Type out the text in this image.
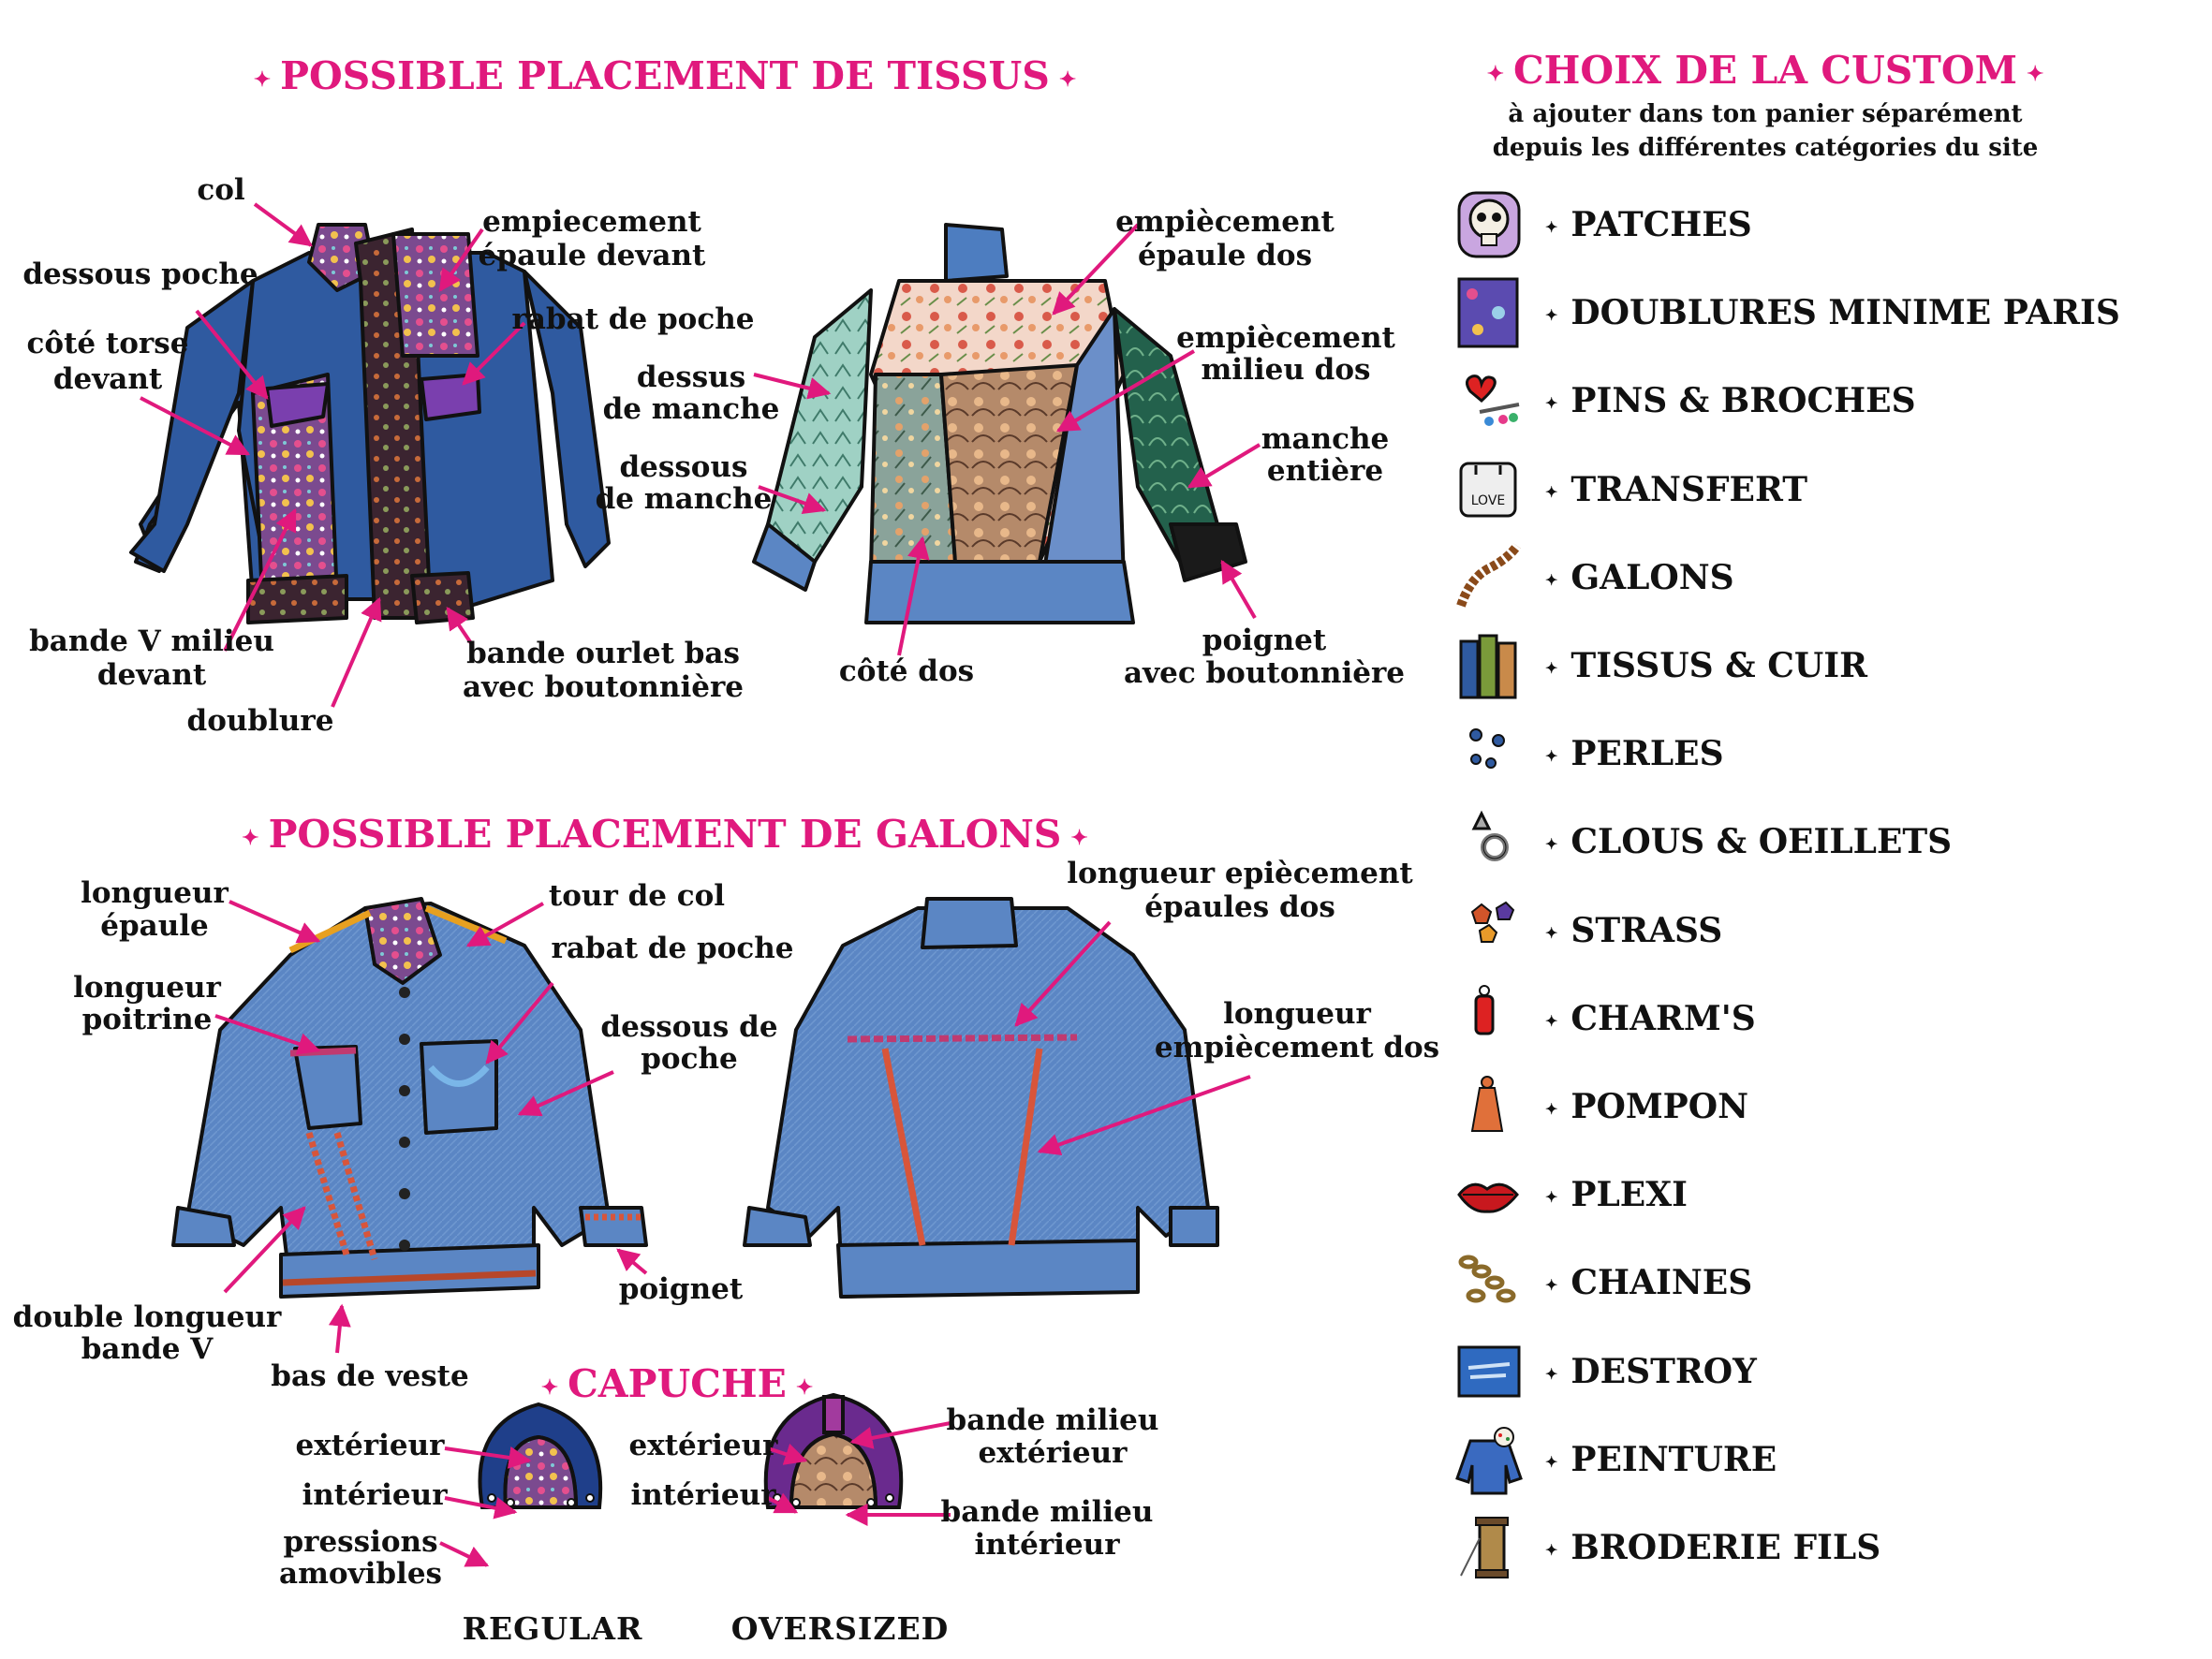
✦ POSSIBLE PLACEMENT DE TISSUS ✦
✦ POSSIBLE PLACEMENT DE GALONS ✦
✦ CAPUCHE ✦
✦ CHOIX DE LA CUSTOM ✦
à ajouter dans ton panier séparément
depuis les différentes catégories du site
col
dessous poche
côté torse
devant
bande V milieu
devant
doublure
empiecement
épaule devant
rabat de poche
bande ourlet bas
avec boutonnière
dessus
de manche
dessous
de manche
côté dos
empiècement
épaule dos
empiècement
milieu dos
manche
entière
poignet
avec boutonnière
longueur
épaule
longueur
poitrine
double longueur
bande V
bas de veste
tour de col
rabat de poche
dessous de
poche
poignet
longueur epiècement
épaules dos
longueur
empiècement dos
extérieur
intérieur
pressions
amovibles
extérieur
intérieur
bande milieu
extérieur
bande milieu
intérieur
REGULAR	OVERSIZED
✦ PATCHES
✦ DOUBLURES MINIME PARIS
✦ PINS & BROCHES
LOVE	✦ TRANSFERT
✦ GALONS
✦ TISSUS & CUIR
✦ PERLES
✦ CLOUS & OEILLETS
✦ STRASS
✦ CHARM'S
✦ POMPON
✦ PLEXI
✦ CHAINES
✦ DESTROY
✦ PEINTURE
✦ BRODERIE FILS
